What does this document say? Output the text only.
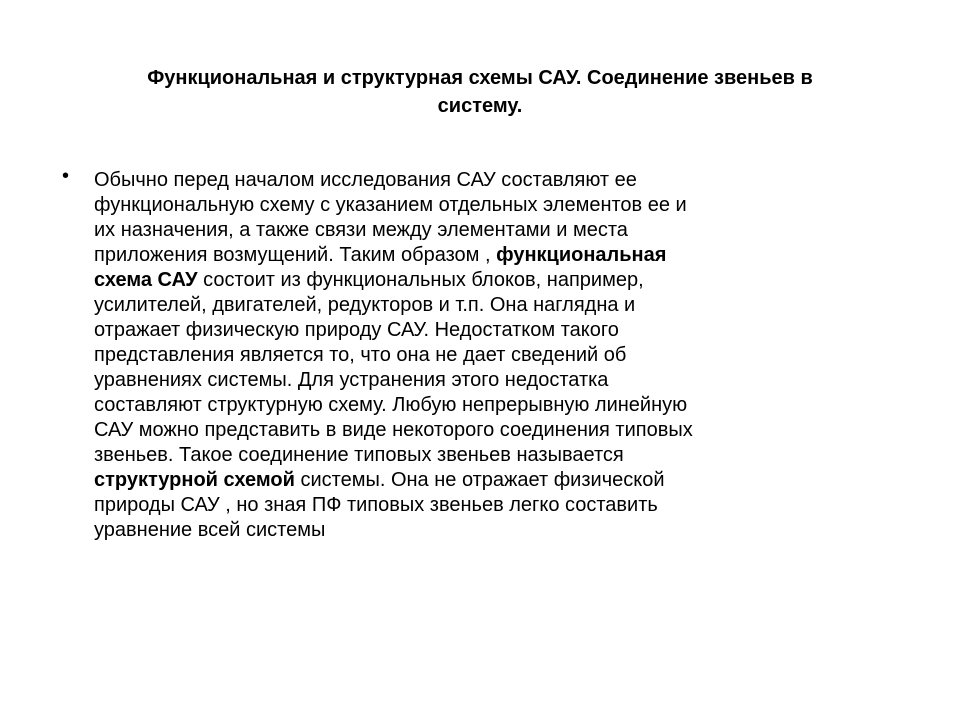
Функциональная и структурная схемы САУ. Соединение звеньев в
систему.
• Обычно перед началом исследования САУ составляют ее
функциональную схему с указанием отдельных элементов ее и
их назначения, а также связи между элементами и места
приложения возмущений. Таким образом , функциональная
схема САУ состоит из функциональных блоков, например,
усилителей, двигателей, редукторов и т.п. Она наглядна и
отражает физическую природу САУ. Недостатком такого
представления является то, что она не дает сведений об
уравнениях системы. Для устранения этого недостатка
составляют структурную схему. Любую непрерывную линейную
САУ можно представить в виде некоторого соединения типовых
звеньев. Такое соединение типовых звеньев называется
структурной схемой системы. Она не отражает физической
природы САУ , но зная ПФ типовых звеньев легко составить
уравнение всей системы
